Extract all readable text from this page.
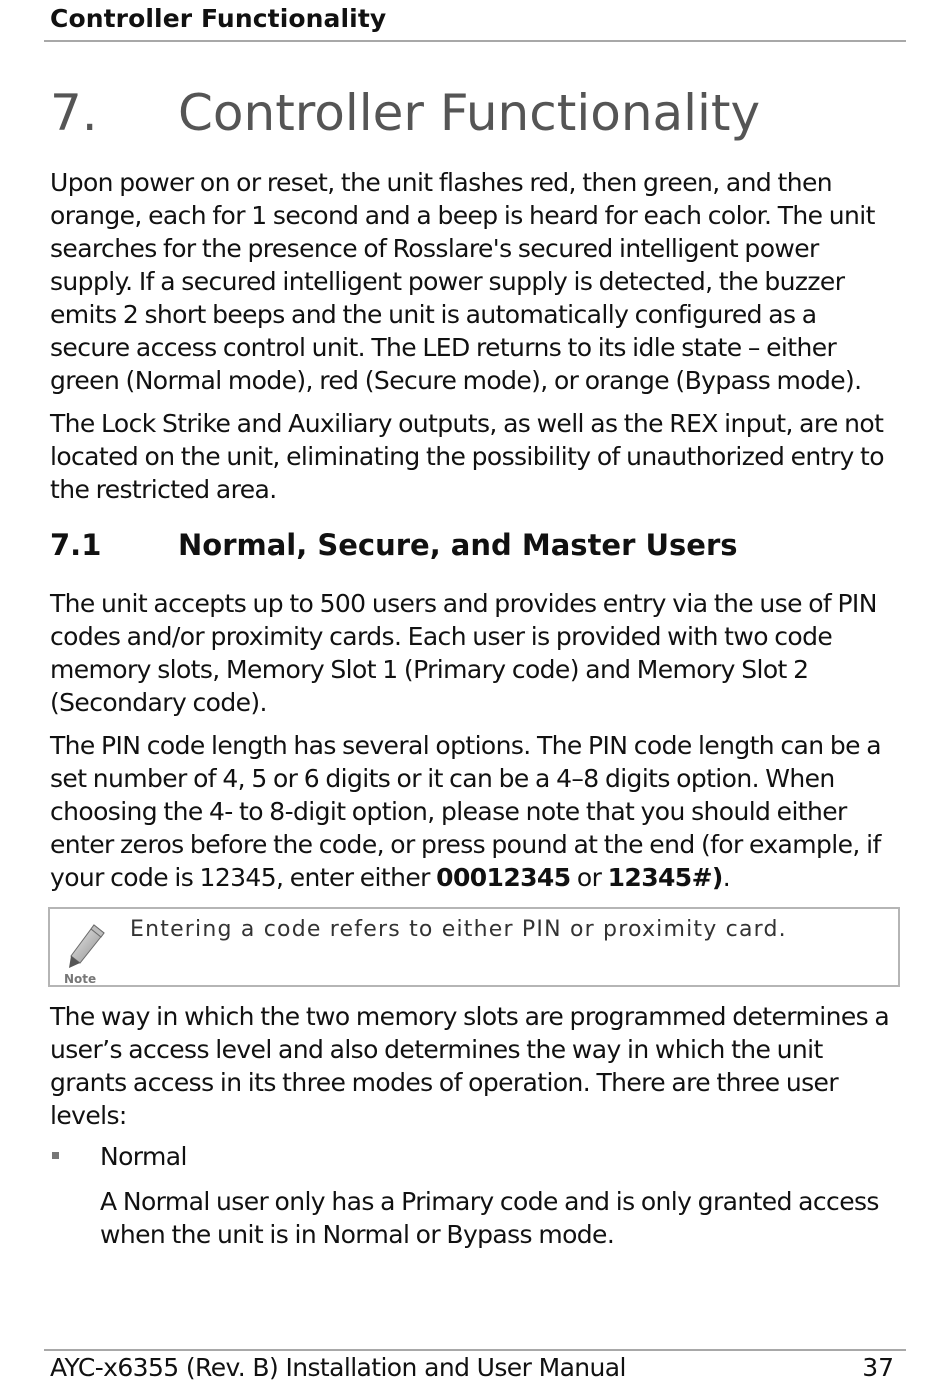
Controller Functionality
7. Controller Functionality

Upon power on or reset, the unit flashes red, then green, and then orange, each for 1 second and a beep is heard for each color. The unit searches for the presence of Rosslare's secured intelligent power supply. If a secured intelligent power supply is detected, the buzzer emits 2 short beeps and the unit is automatically configured as a secure access control unit. The LED returns to its idle state – either green (Normal mode), red (Secure mode), or orange (Bypass mode).

The Lock Strike and Auxiliary outputs, as well as the REX input, are not located on the unit, eliminating the possibility of unauthorized entry to the restricted area.

7.1	Normal, Secure, and Master Users

The unit accepts up to 500 users and provides entry via the use of PIN codes and/or proximity cards. Each user is provided with two code memory slots, Memory Slot 1 (Primary code) and Memory Slot 2 (Secondary code).

The PIN code length has several options. The PIN code length can be a set number of 4, 5 or 6 digits or it can be a 4–8 digits option. When choosing the 4- to 8-digit option, please note that you should either enter zeros before the code, or press pound at the end (for example, if your code is 12345, enter either 00012345 or 12345#).

Note
Entering a code refers to either PIN or proximity card.

The way in which the two memory slots are programmed determines a user’s access level and also determines the way in which the unit grants access in its three modes of operation. There are three user levels:

Normal

A Normal user only has a Primary code and is only granted access when the unit is in Normal or Bypass mode.

AYC-x6355 (Rev. B) Installation and User Manual	37
